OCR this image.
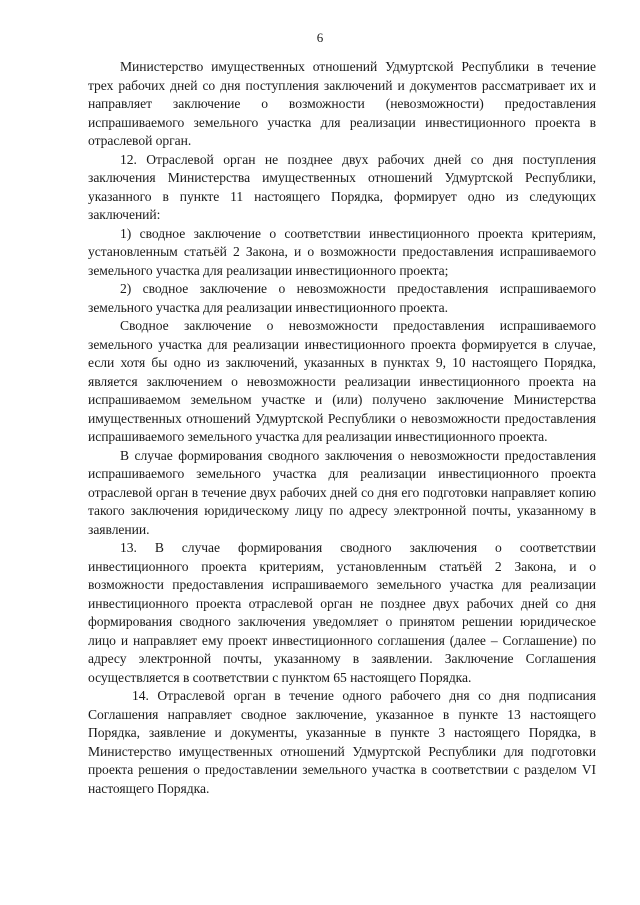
6

Министерство имущественных отношений Удмуртской Республики в течение трех рабочих дней со дня поступления заключений и документов рассматривает их и направляет заключение о возможности (невозможности) предоставления испрашиваемого земельного участка для реализации инвестиционного проекта в отраслевой орган.

12. Отраслевой орган не позднее двух рабочих дней со дня поступления заключения Министерства имущественных отношений Удмуртской Республики, указанного в пункте 11 настоящего Порядка, формирует одно из следующих заключений:

1) сводное заключение о соответствии инвестиционного проекта критериям, установленным статьёй 2 Закона, и о возможности предоставления испрашиваемого земельного участка для реализации инвестиционного проекта;

2) сводное заключение о невозможности предоставления испрашиваемого земельного участка для реализации инвестиционного проекта.

Сводное заключение о невозможности предоставления испрашиваемого земельного участка для реализации инвестиционного проекта формируется в случае, если хотя бы одно из заключений, указанных в пунктах 9, 10 настоящего Порядка, является заключением о невозможности реализации инвестиционного проекта на испрашиваемом земельном участке и (или) получено заключение Министерства имущественных отношений Удмуртской Республики о невозможности предоставления испрашиваемого земельного участка для реализации инвестиционного проекта.

В случае формирования сводного заключения о невозможности предоставления испрашиваемого земельного участка для реализации инвестиционного проекта отраслевой орган в течение двух рабочих дней со дня его подготовки направляет копию такого заключения юридическому лицу по адресу электронной почты, указанному в заявлении.

13. В случае формирования сводного заключения о соответствии инвестиционного проекта критериям, установленным статьёй 2 Закона, и о возможности предоставления испрашиваемого земельного участка для реализации инвестиционного проекта отраслевой орган не позднее двух рабочих дней со дня формирования сводного заключения уведомляет о принятом решении юридическое лицо и направляет ему проект инвестиционного соглашения (далее – Соглашение) по адресу электронной почты, указанному в заявлении. Заключение Соглашения осуществляется в соответствии с пунктом 65 настоящего Порядка.

14. Отраслевой орган в течение одного рабочего дня со дня подписания Соглашения направляет сводное заключение, указанное в пункте 13 настоящего Порядка, заявление и документы, указанные в пункте 3 настоящего Порядка, в Министерство имущественных отношений Удмуртской Республики для подготовки проекта решения о предоставлении земельного участка в соответствии с разделом VI настоящего Порядка.
